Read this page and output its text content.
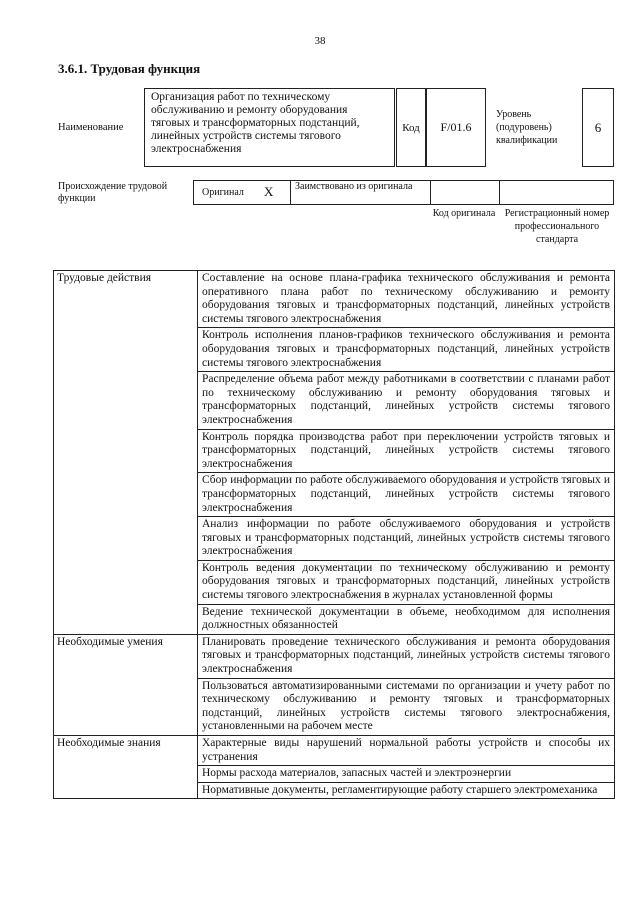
38
3.6.1. Трудовая функция
Наименование
Организация работ по техническому обслуживанию и ремонту оборудования тяговых и трансформаторных подстанций, линейных устройств системы тягового электроснабжения
Код F/01.6
Уровень (подуровень) квалификации
6
Происхождение трудовой функции
Оригинал X Заимствовано из оригинала
Код оригинала Регистрационный номер профессионального стандарта
Трудовые действия	Составление на основе плана-графика технического обслуживания и ремонта оперативного плана работ по техническому обслуживанию и ремонту оборудования тяговых и трансформаторных подстанций, линейных устройств системы тягового электроснабжения
	Контроль исполнения планов-графиков технического обслуживания и ремонта оборудования тяговых и трансформаторных подстанций, линейных устройств системы тягового электроснабжения
	Распределение объема работ между работниками в соответствии с планами работ по техническому обслуживанию и ремонту оборудования тяговых и трансформаторных подстанций, линейных устройств системы тягового электроснабжения
	Контроль порядка производства работ при переключении устройств тяговых и трансформаторных подстанций, линейных устройств системы тягового электроснабжения
	Сбор информации по работе обслуживаемого оборудования и устройств тяговых и трансформаторных подстанций, линейных устройств системы тягового электроснабжения
	Анализ информации по работе обслуживаемого оборудования и устройств тяговых и трансформаторных подстанций, линейных устройств системы тягового электроснабжения
	Контроль ведения документации по техническому обслуживанию и ремонту оборудования тяговых и трансформаторных подстанций, линейных устройств системы тягового электроснабжения в журналах установленной формы
	Ведение технической документации в объеме, необходимом для исполнения должностных обязанностей
Необходимые умения	Планировать проведение технического обслуживания и ремонта оборудования тяговых и трансформаторных подстанций, линейных устройств системы тягового электроснабжения
	Пользоваться автоматизированными системами по организации и учету работ по техническому обслуживанию и ремонту тяговых и трансформаторных подстанций, линейных устройств системы тягового электроснабжения, установленными на рабочем месте
Необходимые знания	Характерные виды нарушений нормальной работы устройств и способы их устранения
	Нормы расхода материалов, запасных частей и электроэнергии
	Нормативные документы, регламентирующие работу старшего электромеханика
